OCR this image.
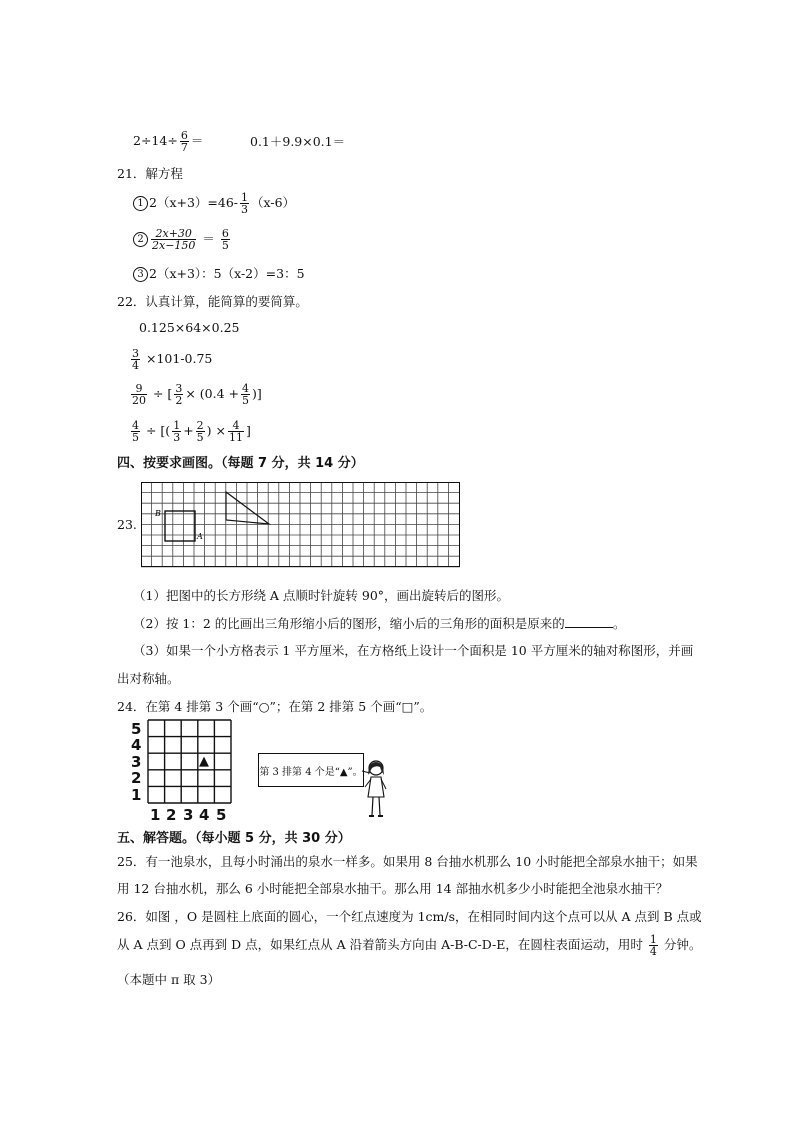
$2\div 14\div \frac{6}{7}$ ＝	0.1＋9.9×0.1＝
21．解方程
1 $2(x+3)=46- \frac{1}{3} (x-6)$
$2 \frac{2x+30}{2x-150} = \frac{6}{5}$
3 2（x+3）：5（x-2）=3：5
22．认真计算，能简算的要简算。
0.125×64×0.25
$\frac{3}{4} \times 101-0.75$
$\frac{9}{20}$ ÷ [ $\frac{3}{2} \times (0.4 + \frac{4}{5}$ )]
$\frac{4}{5}$ ÷ [( $\frac{1}{3} + \frac{2}{5}$ ) × $\frac{4}{11}$ ]
四、按要求画图。（每题 7 分，共 14 分）
23.
B
A
（1）把图中的长方形绕 A 点顺时针旋转 90°，画出旋转后的图形。
（2）按 1：2 的比画出三角形缩小后的图形，缩小后的三角形的面积是原来的	。
（3）如果一个小方格表示 1 平方厘米，在方格纸上设计一个面积是 10 平方厘米的轴对称图形，并画
出对称轴。
24．在第 4 排第 3 个画“○”；在第 2 排第 5 个画“□”。
5
4
3
2
1
▲
1 2 3 4 5
第 3 排第 4 个是“▲”。
五、解答题。（每小题 5 分，共 30 分）
25．有一池泉水，且每小时涌出的泉水一样多。如果用 8 台抽水机那么 10 小时能把全部泉水抽干；如果
用 12 台抽水机，那么 6 小时能把全部泉水抽干。那么用 14 部抽水机多少小时能把全池泉水抽干？
26．如图 ，O 是圆柱上底面的圆心，一个红点速度为 1cm/s，在相同时间内这个点可以从 A 点到 B 点或
从 A 点到 O 点再到 D 点，如果红点从 A 沿着箭头方向由 A-B-C-D-E，在圆柱表面运动，用时 $\frac{1}{4}$ 分钟。
（本题中 π 取 3）
